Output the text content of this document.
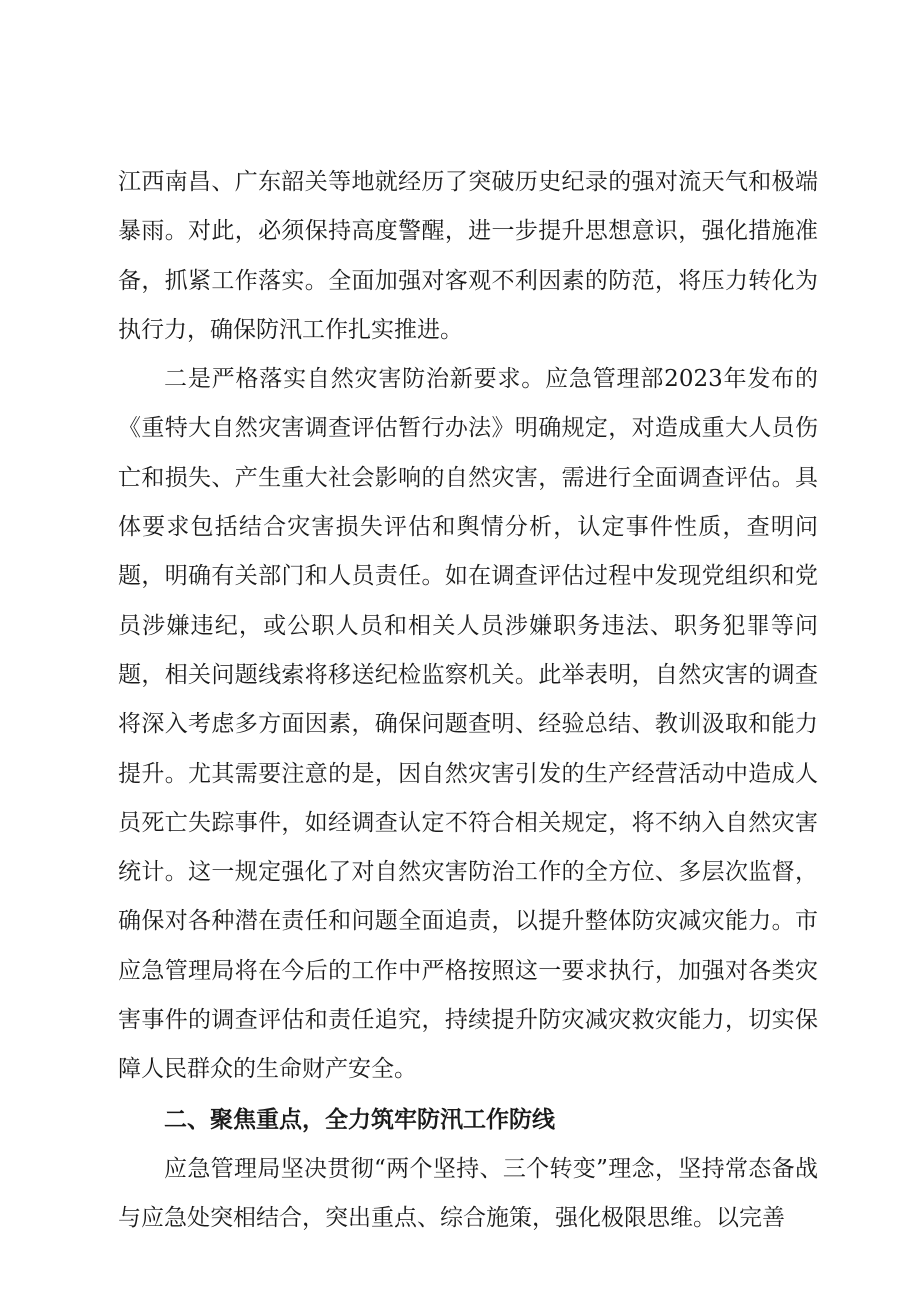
江西南昌、广东韶关等地就经历了突破历史纪录的强对流天气和极端暴雨。对此，必须保持高度警醒，进一步提升思想意识，强化措施准备，抓紧工作落实。全面加强对客观不利因素的防范，将压力转化为执行力，确保防汛工作扎实推进。

二是严格落实自然灾害防治新要求。应急管理部2023年发布的《重特大自然灾害调查评估暂行办法》明确规定，对造成重大人员伤亡和损失、产生重大社会影响的自然灾害，需进行全面调查评估。具体要求包括结合灾害损失评估和舆情分析，认定事件性质，查明问题，明确有关部门和人员责任。如在调查评估过程中发现党组织和党员涉嫌违纪，或公职人员和相关人员涉嫌职务违法、职务犯罪等问题，相关问题线索将移送纪检监察机关。此举表明，自然灾害的调查将深入考虑多方面因素，确保问题查明、经验总结、教训汲取和能力提升。尤其需要注意的是，因自然灾害引发的生产经营活动中造成人员死亡失踪事件，如经调查认定不符合相关规定，将不纳入自然灾害统计。这一规定强化了对自然灾害防治工作的全方位、多层次监督，确保对各种潜在责任和问题全面追责，以提升整体防灾减灾能力。市应急管理局将在今后的工作中严格按照这一要求执行，加强对各类灾害事件的调查评估和责任追究，持续提升防灾减灾救灾能力，切实保障人民群众的生命财产安全。

二、聚焦重点，全力筑牢防汛工作防线

应急管理局坚决贯彻“两个坚持、三个转变”理念，坚持常态备战与应急处突相结合，突出重点、综合施策，强化极限思维。以完善
